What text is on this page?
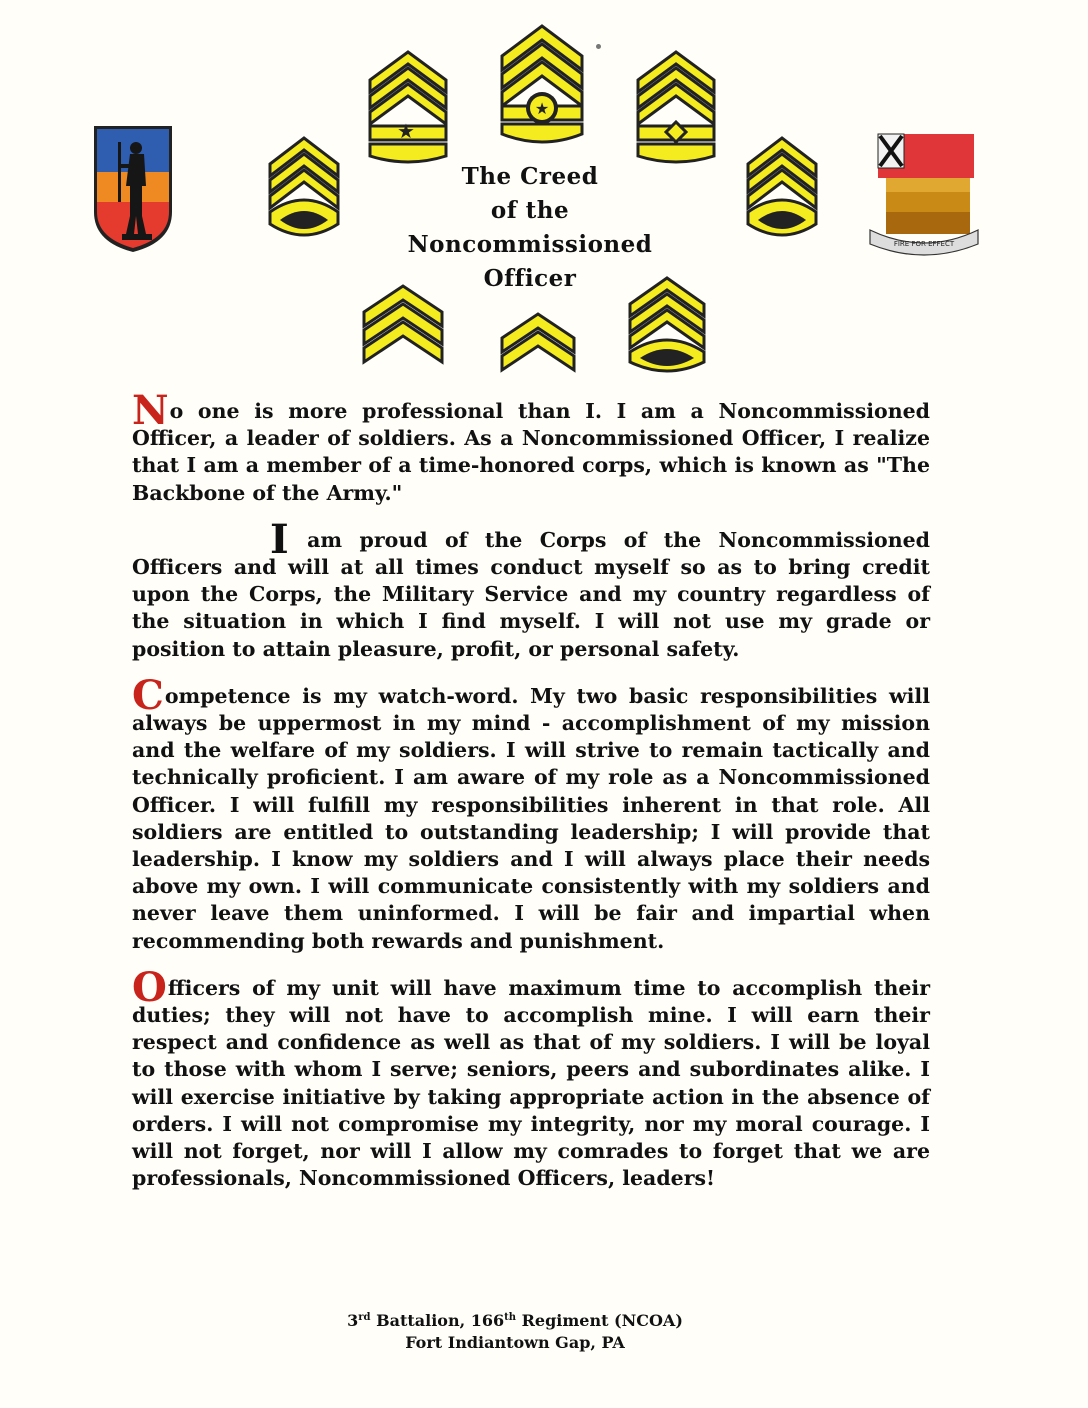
FIRE FOR EFFECT
★
★
The Creed
of the
Noncommissioned
Officer

No one is more professional than I. I am a Noncommissioned Officer, a leader of soldiers. As a Noncommissioned Officer, I realize that I am a member of a time-honored corps, which is known as "The Backbone of the Army."

I am proud of the Corps of the Noncommissioned Officers and will at all times conduct myself so as to bring credit upon the Corps, the Military Service and my country regardless of the situation in which I find myself. I will not use my grade or position to attain pleasure, profit, or personal safety.

Competence is my watch-word. My two basic responsibilities will always be uppermost in my mind - accomplishment of my mission and the welfare of my soldiers. I will strive to remain tactically and technically proficient. I am aware of my role as a Noncommissioned Officer. I will fulfill my responsibilities inherent in that role. All soldiers are entitled to outstanding leadership; I will provide that leadership. I know my soldiers and I will always place their needs above my own. I will communicate consistently with my soldiers and never leave them uninformed. I will be fair and impartial when recommending both rewards and punishment.

Officers of my unit will have maximum time to accomplish their duties; they will not have to accomplish mine. I will earn their respect and confidence as well as that of my soldiers. I will be loyal to those with whom I serve; seniors, peers and subordinates alike. I will exercise initiative by taking appropriate action in the absence of orders. I will not compromise my integrity, nor my moral courage. I will not forget, nor will I allow my comrades to forget that we are professionals, Noncommissioned Officers, leaders!

3rd Battalion, 166th Regiment (NCOA)
Fort Indiantown Gap, PA
